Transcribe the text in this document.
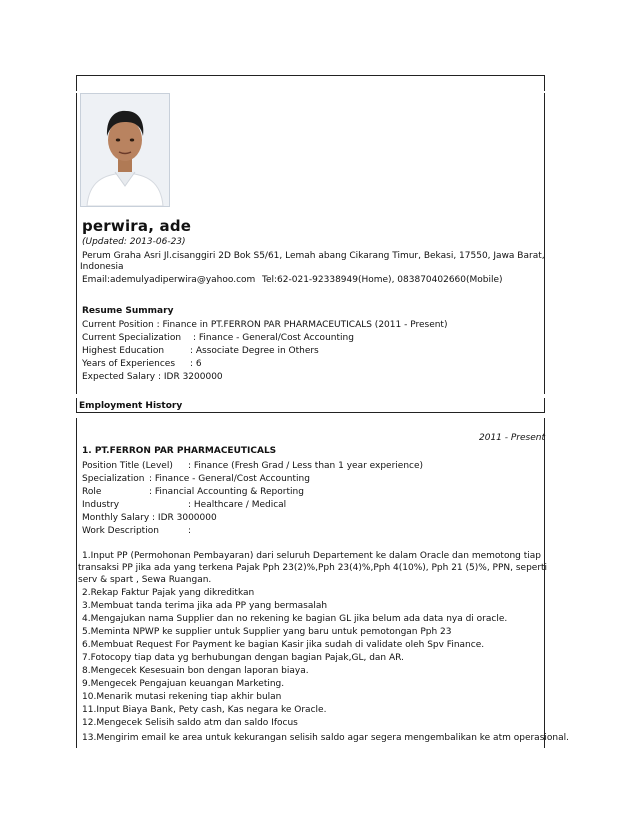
perwira, ade
(Updated: 2013-06-23)
Perum Graha Asri Jl.cisanggiri 2D Bok S5/61, Lemah abang Cikarang Timur, Bekasi, 17550, Jawa Barat,
Indonesia
Email:ademulyadiperwira@yahoo.com Tel:62-021-92338949(Home), 083870402660(Mobile)
Resume Summary
Current Position : Finance in PT.FERRON PAR PHARMACEUTICALS (2011 - Present)
Current Specialization : Finance - General/Cost Accounting
Highest Education	: Associate Degree in Others
Years of Experiences : 6
Expected Salary : IDR 3200000
Employment History
2011 - Present
1. PT.FERRON PAR PHARMACEUTICALS
Position Title (Level) : Finance (Fresh Grad / Less than 1 year experience)
Specialization : Finance - General/Cost Accounting
Role	: Financial Accounting & Reporting
Industry	: Healthcare / Medical
Monthly Salary : IDR 3000000
Work Description	:
1.Input PP (Permohonan Pembayaran) dari seluruh Departement ke dalam Oracle dan memotong tiap
transaksi PP jika ada yang terkena Pajak Pph 23(2)%,Pph 23(4)%,Pph 4(10%), Pph 21 (5)%, PPN, seperti
serv & spart , Sewa Ruangan.
2.Rekap Faktur Pajak yang dikreditkan
3.Membuat tanda terima jika ada PP yang bermasalah
4.Mengajukan nama Supplier dan no rekening ke bagian GL jika belum ada data nya di oracle.
5.Meminta NPWP ke supplier untuk Supplier yang baru untuk pemotongan Pph 23
6.Membuat Request For Payment ke bagian Kasir jika sudah di validate oleh Spv Finance.
7.Fotocopy tiap data yg berhubungan dengan bagian Pajak,GL, dan AR.
8.Mengecek Kesesuain bon dengan laporan biaya.
9.Mengecek Pengajuan keuangan Marketing.
10.Menarik mutasi rekening tiap akhir bulan
11.Input Biaya Bank, Pety cash, Kas negara ke Oracle.
12.Mengecek Selisih saldo atm dan saldo Ifocus
13.Mengirim email ke area untuk kekurangan selisih saldo agar segera mengembalikan ke atm operasional.
